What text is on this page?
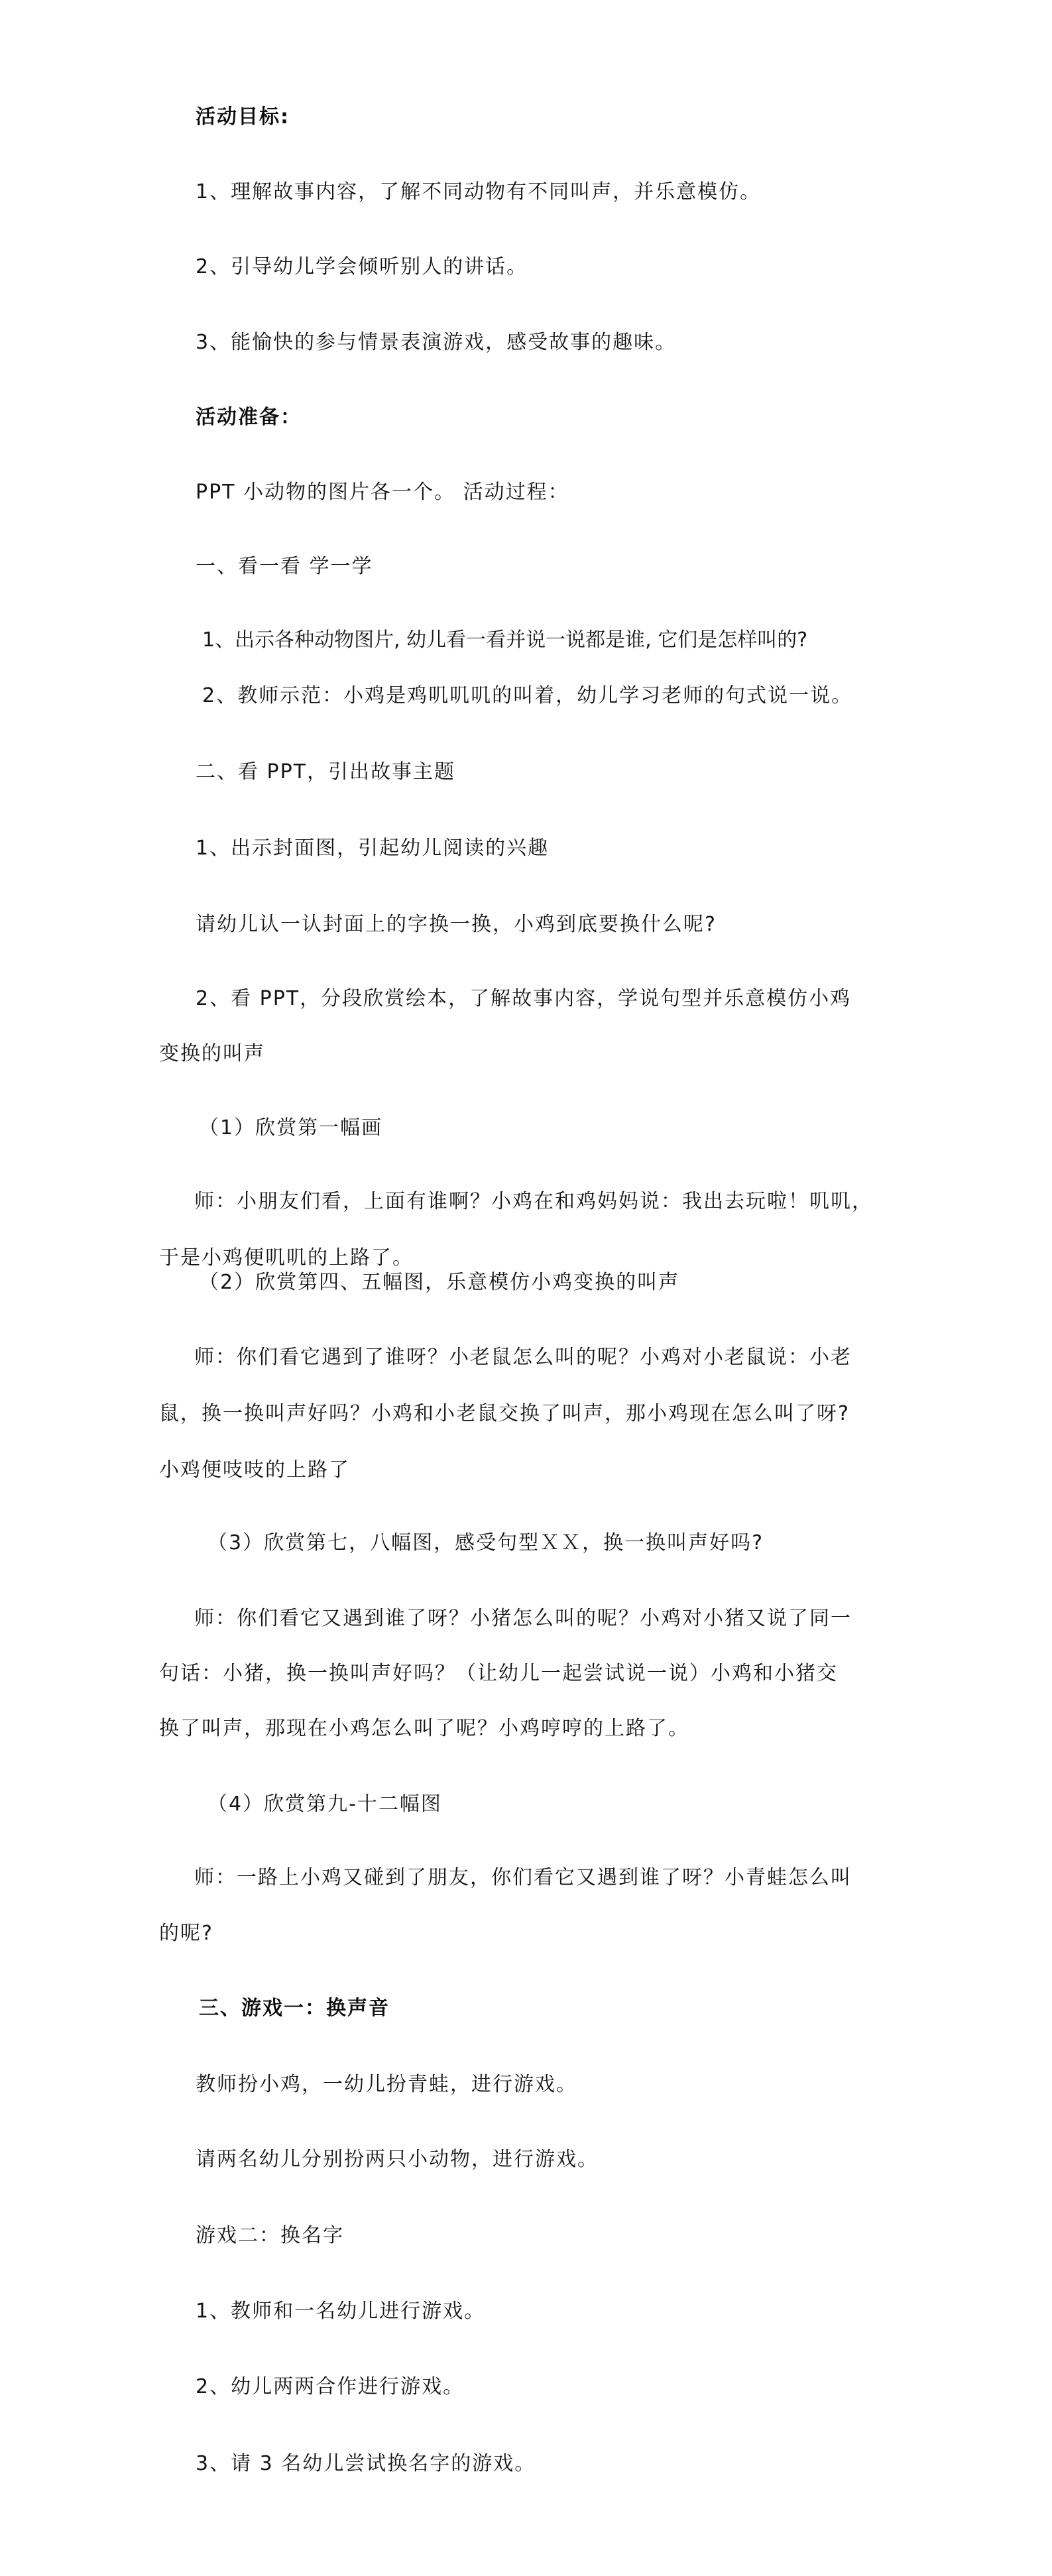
活动目标:
1、理解故事内容，了解不同动物有不同叫声，并乐意模仿。
2、引导幼儿学会倾听别人的讲话。
3、能愉快的参与情景表演游戏，感受故事的趣味。
活动准备：
PPT 小动物的图片各一个。 活动过程：
一、看一看 学一学
1、出示各种动物图片, 幼儿看一看并说一说都是谁, 它们是怎样叫的?
2、教师示范：小鸡是鸡叽叽叽的叫着，幼儿学习老师的句式说一说。
二、看 PPT，引出故事主题
1、出示封面图，引起幼儿阅读的兴趣
请幼儿认一认封面上的字换一换，小鸡到底要换什么呢?
2、看 PPT，分段欣赏绘本，了解故事内容，学说句型并乐意模仿小鸡
变换的叫声
（1）欣赏第一幅画
师：小朋友们看，上面有谁啊？小鸡在和鸡妈妈说：我出去玩啦！叽叽，
于是小鸡便叽叽的上路了。
（2）欣赏第四、五幅图，乐意模仿小鸡变换的叫声
师：你们看它遇到了谁呀？小老鼠怎么叫的呢？小鸡对小老鼠说：小老
鼠，换一换叫声好吗？小鸡和小老鼠交换了叫声，那小鸡现在怎么叫了呀?
小鸡便吱吱的上路了
（3）欣赏第七，八幅图，感受句型ＸＸ，换一换叫声好吗?
师：你们看它又遇到谁了呀？小猪怎么叫的呢？小鸡对小猪又说了同一
句话：小猪，换一换叫声好吗？（让幼儿一起尝试说一说）小鸡和小猪交
换了叫声，那现在小鸡怎么叫了呢？小鸡哼哼的上路了。
（4）欣赏第九-十二幅图
师：一路上小鸡又碰到了朋友，你们看它又遇到谁了呀？小青蛙怎么叫
的呢?
三、游戏一：换声音
教师扮小鸡，一幼儿扮青蛙，进行游戏。
请两名幼儿分别扮两只小动物，进行游戏。
游戏二：换名字
1、教师和一名幼儿进行游戏。
2、幼儿两两合作进行游戏。
3、请 3 名幼儿尝试换名字的游戏。
